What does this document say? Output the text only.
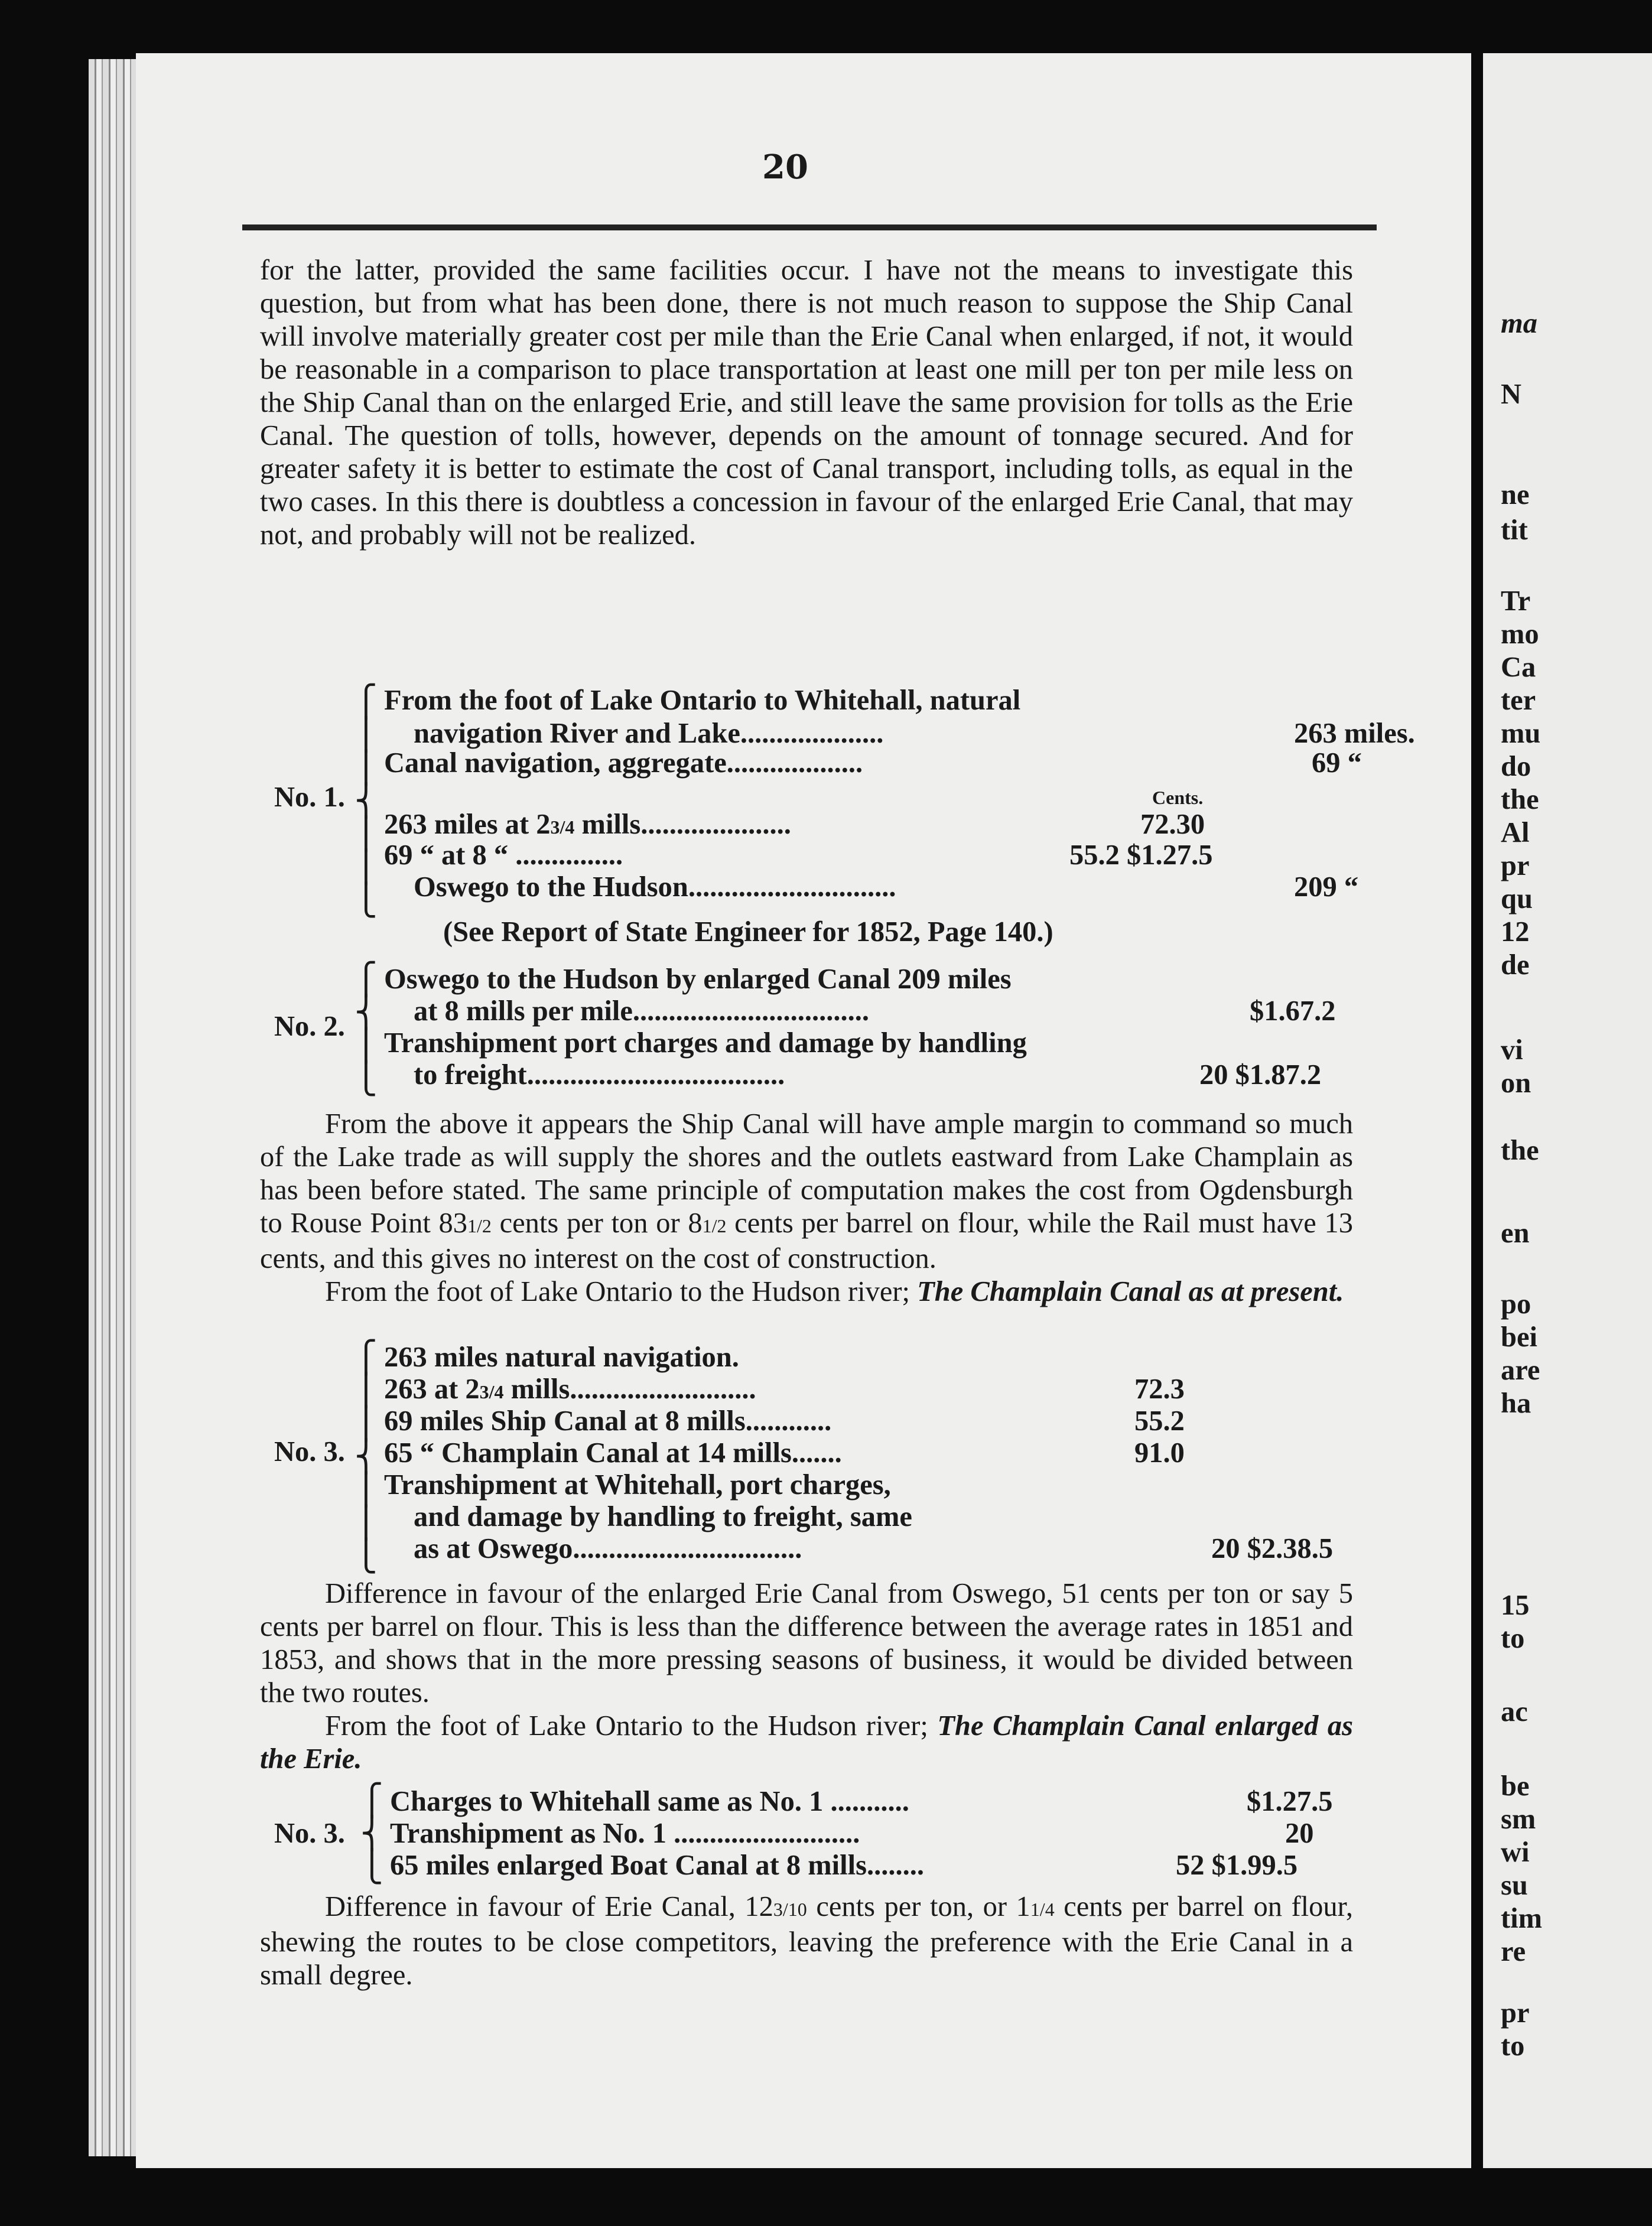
20

for the latter, provided the same facilities occur. I have not the means to investigate this question, but from what has been done, there is not much reason to suppose the Ship Canal will involve materially greater cost per mile than the Erie Canal when enlarged, if not, it would be reasonable in a comparison to place transportation at least one mill per ton per mile less on the Ship Canal than on the enlarged Erie, and still leave the same provision for tolls as the Erie Canal. The question of tolls, however, depends on the amount of tonnage secured. And for greater safety it is better to estimate the cost of Canal transport, including tolls, as equal in the two cases. In this there is doubtless a concession in favour of the enlarged Erie Canal, that may not, and probably will not be realized.

⎧
⎪
⎪
⎨
⎪
⎪
⎩
No. 1.
From the foot of Lake Ontario to Whitehall, natural
navigation River and Lake....................	263 miles.
Canal navigation, aggregate...................	69 “
Cents.
263 miles at 23/4 mills.....................	72.30
69 “ at 8 “ ...............	55.2 $1.27.5
Oswego to the Hudson.............................	209 “
(See Report of State Engineer for 1852, Page 140.)
⎧
⎨
⎪
⎩
No. 2.
Oswego to the Hudson by enlarged Canal 209 miles
at 8 mills per mile.................................	$1.67.2
Transhipment port charges and damage by handling
to freight....................................	20 $1.87.2

From the above it appears the Ship Canal will have ample margin to command so much of the Lake trade as will supply the shores and the outlets eastward from Lake Champlain as has been before stated. The same principle of computation makes the cost from Ogdensburgh to Rouse Point 831/2 cents per ton or 81/2 cents per barrel on flour, while the Rail must have 13 cents, and this gives no interest on the cost of construction.

From the foot of Lake Ontario to the Hudson river; The Champlain Canal as at present.

⎧
⎪
⎪
⎨
⎪
⎪
⎩
No. 3.
263 miles natural navigation.
263 at 23/4 mills..........................	72.3
69 miles Ship Canal at 8 mills............	55.2
65 “ Champlain Canal at 14 mills.......	91.0
Transhipment at Whitehall, port charges,
and damage by handling to freight, same
as at Oswego................................	20 $2.38.5

Difference in favour of the enlarged Erie Canal from Oswego, 51 cents per ton or say 5 cents per barrel on flour. This is less than the difference between the average rates in 1851 and 1853, and shows that in the more pressing seasons of business, it would be divided between the two routes.

From the foot of Lake Ontario to the Hudson river; The Champlain Canal enlarged as the Erie.

⎧
⎨
⎩
No. 3.
Charges to Whitehall same as No. 1 ...........	$1.27.5
Transhipment as No. 1 ..........................	20
65 miles enlarged Boat Canal at 8 mills........	52 $1.99.5

Difference in favour of Erie Canal, 123/10 cents per ton, or 11/4 cents per barrel on flour, shewing the routes to be close competitors, leaving the preference with the Erie Canal in a small degree.

ma
N
ne
tit
Tr
mo
Ca
ter
mu
do
the
Al
pr
qu
12
de
vi
on
the
en
po
bei
are
ha
15
to
ac
be
sm
wi
su
tim
re
pr
to
